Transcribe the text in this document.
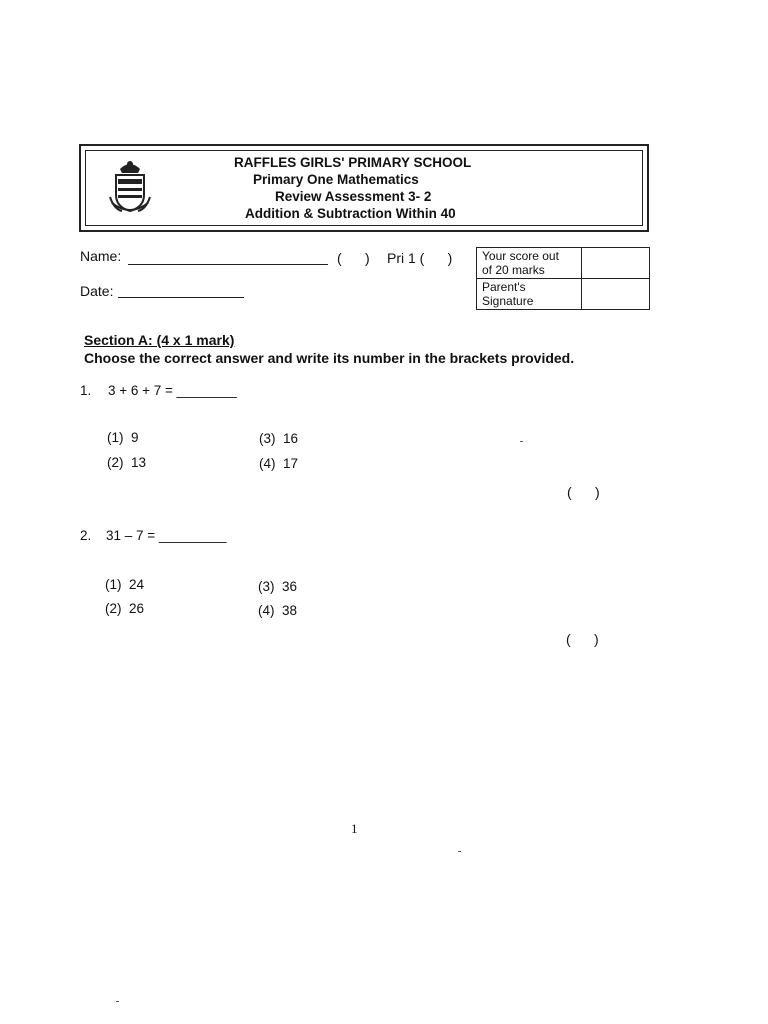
RAFFLES GIRLS' PRIMARY SCHOOL
Primary One Mathematics
Review Assessment 3- 2
Addition & Subtraction Within 40
Name:	(      ) Pri 1 (      )
Date:
Your score out
of 20 marks	

Parent's
Signature	

Section A: (4 x 1 mark)
Choose the correct answer and write its number in the brackets provided.
1. 3 + 6 + 7 = ________
(1)  9
(2)  13
(3)  16
(4)  17
(      )
2. 31 – 7 = _________
(1)  24
(2)  26
(3)  36
(4)  38
(      )
1
